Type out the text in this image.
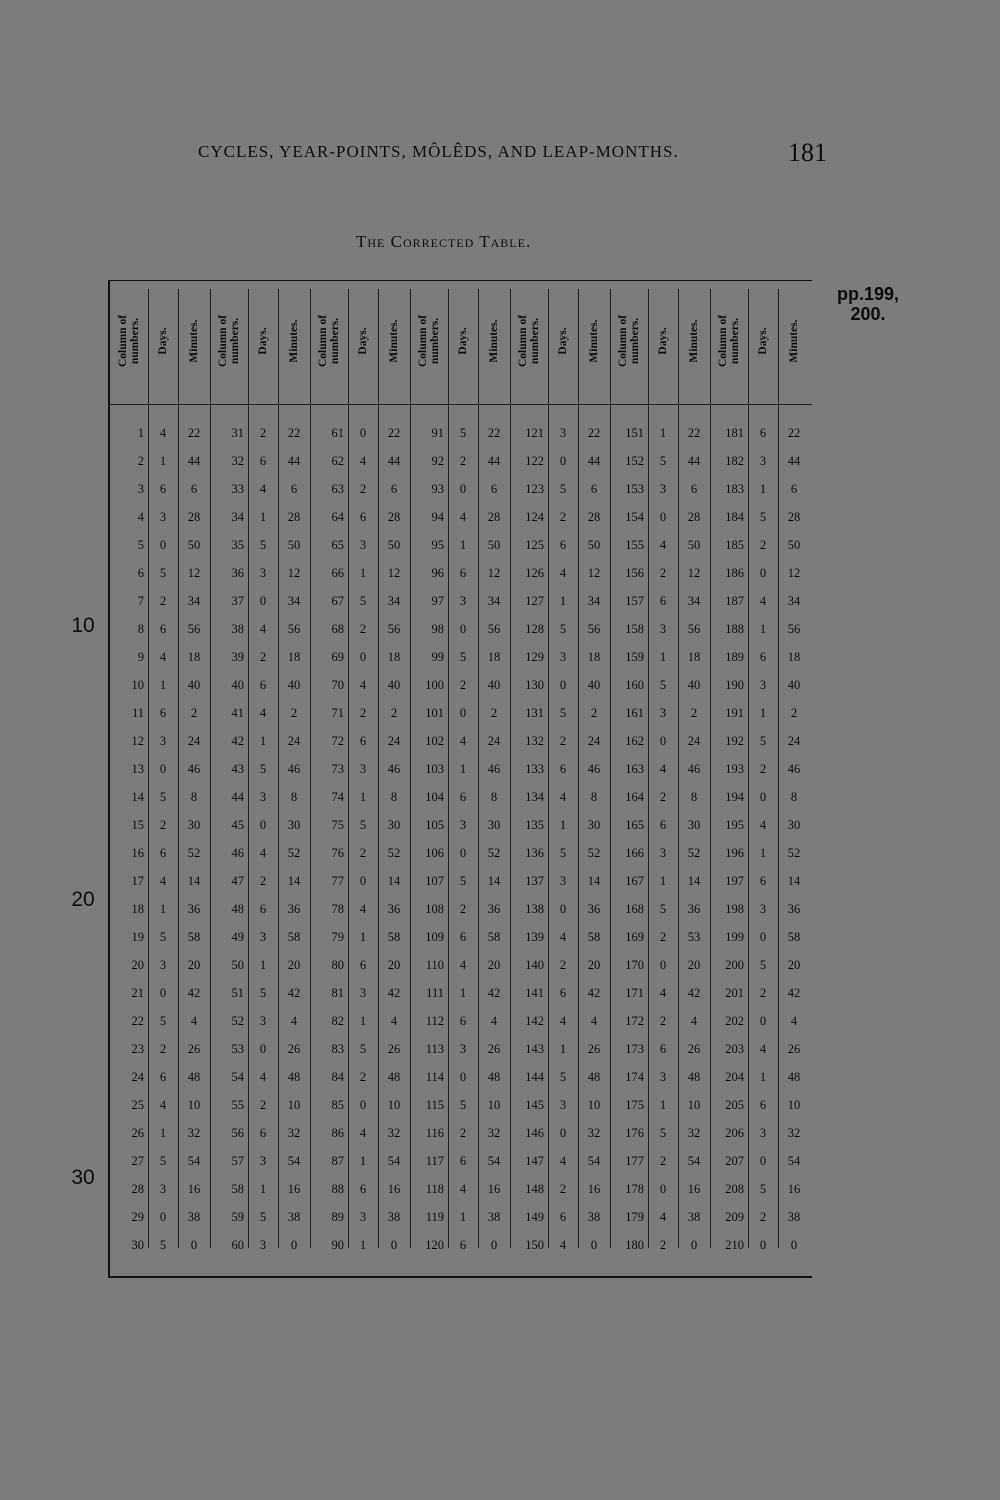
CYCLES, YEAR-POINTS, MÔLÊDS, AND LEAP-MONTHS.	181
The Corrected Table.
pp.199, 200.
10
20
30
Column of numbers. Days. Minutes. Column of numbers. Days. Minutes. Column of numbers. Days. Minutes. Column of numbers. Days. Minutes. Column of numbers. Days. Minutes. Column of numbers. Days. Minutes. Column of numbers. Days. Minutes.
1	4	22	31	2	22	61	0	22	91	5	22	121	3	22	151	1	22	181	6	22
2	1	44	32	6	44	62	4	44	92	2	44	122	0	44	152	5	44	182	3	44
3	6	6	33	4	6	63	2	6	93	0	6	123	5	6	153	3	6	183	1	6
4	3	28	34	1	28	64	6	28	94	4	28	124	2	28	154	0	28	184	5	28
5	0	50	35	5	50	65	3	50	95	1	50	125	6	50	155	4	50	185	2	50
6	5	12	36	3	12	66	1	12	96	6	12	126	4	12	156	2	12	186	0	12
7	2	34	37	0	34	67	5	34	97	3	34	127	1	34	157	6	34	187	4	34
8	6	56	38	4	56	68	2	56	98	0	56	128	5	56	158	3	56	188	1	56
9	4	18	39	2	18	69	0	18	99	5	18	129	3	18	159	1	18	189	6	18
10	1	40	40	6	40	70	4	40	100	2	40	130	0	40	160	5	40	190	3	40
11	6	2	41	4	2	71	2	2	101	0	2	131	5	2	161	3	2	191	1	2
12	3	24	42	1	24	72	6	24	102	4	24	132	2	24	162	0	24	192	5	24
13	0	46	43	5	46	73	3	46	103	1	46	133	6	46	163	4	46	193	2	46
14	5	8	44	3	8	74	1	8	104	6	8	134	4	8	164	2	8	194	0	8
15	2	30	45	0	30	75	5	30	105	3	30	135	1	30	165	6	30	195	4	30
16	6	52	46	4	52	76	2	52	106	0	52	136	5	52	166	3	52	196	1	52
17	4	14	47	2	14	77	0	14	107	5	14	137	3	14	167	1	14	197	6	14
18	1	36	48	6	36	78	4	36	108	2	36	138	0	36	168	5	36	198	3	36
19	5	58	49	3	58	79	1	58	109	6	58	139	4	58	169	2	53	199	0	58
20	3	20	50	1	20	80	6	20	110	4	20	140	2	20	170	0	20	200	5	20
21	0	42	51	5	42	81	3	42	111	1	42	141	6	42	171	4	42	201	2	42
22	5	4	52	3	4	82	1	4	112	6	4	142	4	4	172	2	4	202	0	4
23	2	26	53	0	26	83	5	26	113	3	26	143	1	26	173	6	26	203	4	26
24	6	48	54	4	48	84	2	48	114	0	48	144	5	48	174	3	48	204	1	48
25	4	10	55	2	10	85	0	10	115	5	10	145	3	10	175	1	10	205	6	10
26	1	32	56	6	32	86	4	32	116	2	32	146	0	32	176	5	32	206	3	32
27	5	54	57	3	54	87	1	54	117	6	54	147	4	54	177	2	54	207	0	54
28	3	16	58	1	16	88	6	16	118	4	16	148	2	16	178	0	16	208	5	16
29	0	38	59	5	38	89	3	38	119	1	38	149	6	38	179	4	38	209	2	38
30	5	0	60	3	0	90	1	0	120	6	0	150	4	0	180	2	0	210	0	0
